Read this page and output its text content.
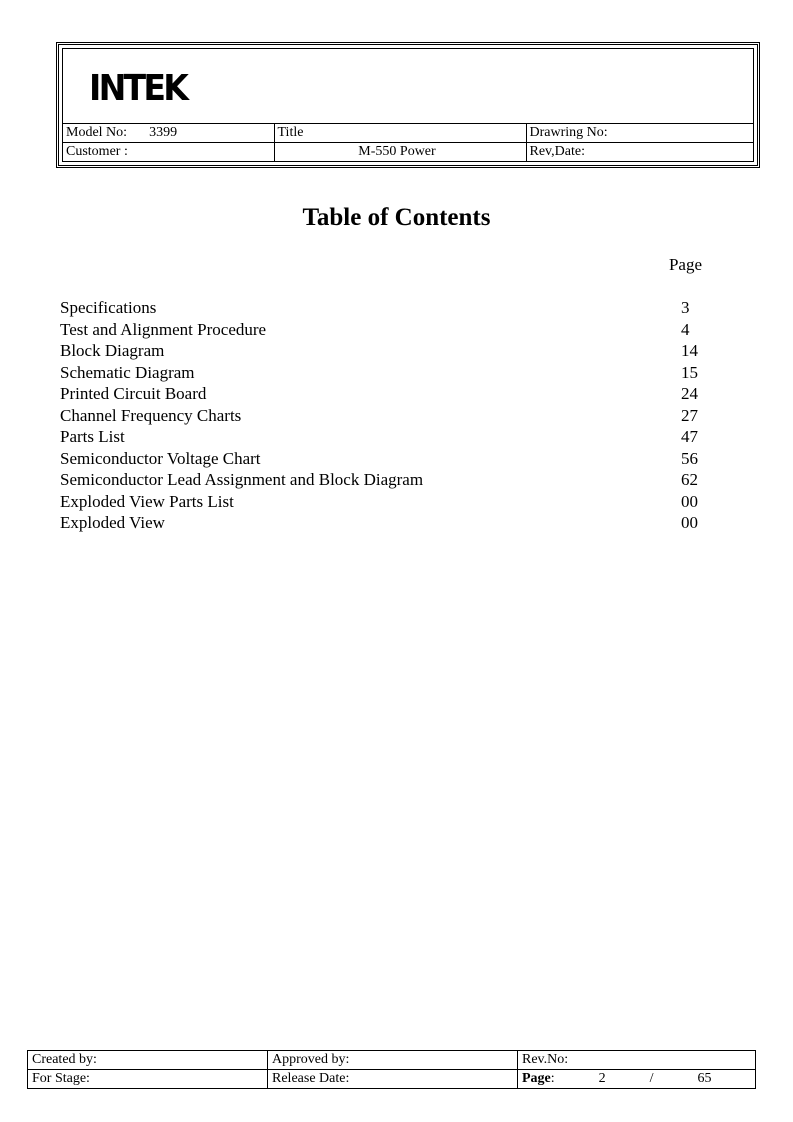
INTEK
Model No: 3399	Title	Drawring No:
Customer :	M-550 Power	Rev,Date:
Table of Contents
Page
Specifications	3
Test and Alignment Procedure	4
Block Diagram	14
Schematic Diagram	15
Printed Circuit Board	24
Channel Frequency Charts	27
Parts List	47
Semiconductor Voltage Chart	56
Semiconductor Lead Assignment and Block Diagram	62
Exploded View Parts List	00
Exploded View	00
Created by:	Approved by:	Rev.No:
For Stage:	Release Date:	Page: 2 / 65
